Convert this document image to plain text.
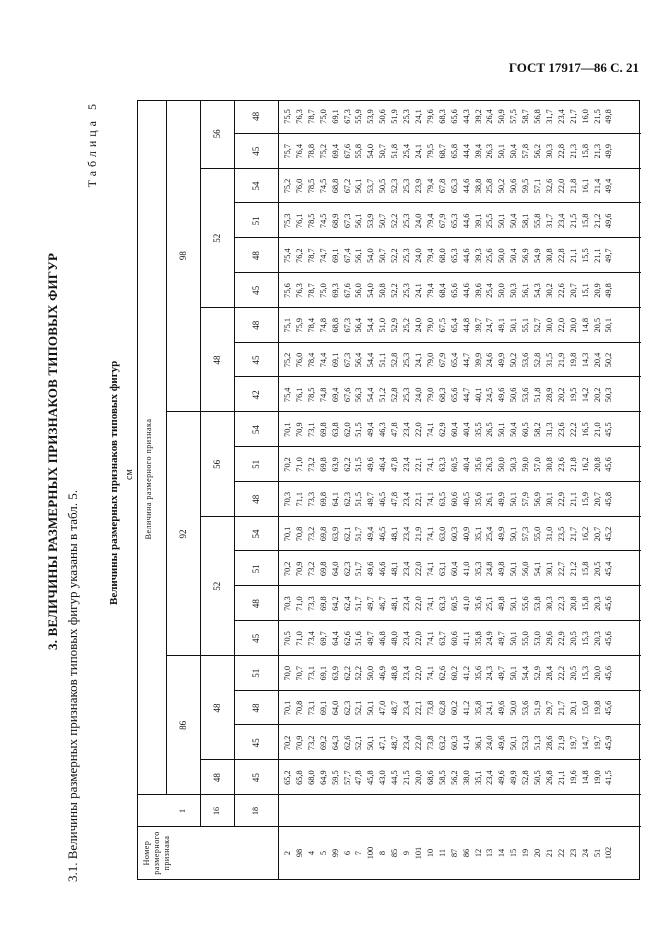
ГОСТ 17917—86 С. 21
3. ВЕЛИЧИНЫ РАЗМЕРНЫХ ПРИЗНАКОВ ТИПОВЫХ ФИГУР
3.1. Величины размерных признаков типовых фигур указаны в табл. 5.
Таблица 5
Величины размерных признаков типовых фигур см
Номер размерного признака
Величина размерного признака
1	16	18
86
92
98
48
48
52
56
48
52
56
45
45
48
51
45
48
51
54
48
51
54
42
45
48
45
48
51
54
45
48
2 98 4 5 99 6 7 100 8 85 9 101 10 11 87 86 12 13 14 15 19 20 21 22 23 24 51 102
65,2 65,8 68,0 64,9 59,5 57,7 47,8 45,8 43,0 44,5 21,5 20,0 68,6 58,5 56,2 38,0 35,1 23,4 49,6 49,9 52,8 50,5 26,8 21,1 19,6 14,8 19,0 41,5
70,2 70,9 73,2 69,2 64,3 62,6 52,1 50,1 47,1 48,7 23,4 22,0 73,8 63,2 60,3 41,4 36,1 24,0 49,6 50,1 53,3 51,3 28,6 21,9 19,7 14,7 19,7 45,9
70,1 70,8 73,1 69,1 64,0 62,3 52,1 50,1 47,0 48,7 23,4 22,1 73,8 62,8 60,2 41,2 35,8 24,1 49,6 50,0 53,6 51,9 29,7 21,7 20,1 15,0 19,8 45,6
70,0 70,7 73,1 69,1 63,9 62,2 52,2 50,0 46,9 48,8 23,4 22,0 74,1 62,6 60,2 41,2 35,6 24,3 49,7 50,1 54,4 52,9 28,4 22,2 20,5 15,3 20,0 45,6
70,5 71,0 73,4 69,7 64,4 62,6 51,6 49,7 46,8 48,0 23,4 22,0 74,1 63,7 60,6 41,1 35,8 24,9 49,7 50,1 55,0 53,0 29,6 22,9 20,5 15,3 20,3 45,6
70,3 71,0 73,3 69,8 64,2 62,4 51,7 49,7 46,7 48,1 23,4 22,0 74,1 63,3 60,5 41,0 35,6 25,1 49,8 50,1 55,6 53,8 30,3 22,3 20,8 15,8 20,3 45,6
70,2 70,9 73,2 69,8 64,0 62,3 51,7 49,6 46,6 48,1 23,4 22,0 74,1 63,1 60,4 41,0 35,3 24,8 49,8 50,1 56,0 54,1 30,1 22,7 21,2 15,8 20,5 45,4
70,1 70,8 73,2 69,8 63,9 62,1 51,7 49,4 46,5 48,1 23,4 21,9 74,1 63,0 60,3 40,9 35,1 25,4 49,9 50,1 57,3 55,0 31,0 23,5 21,7 16,2 20,7 45,2
70,3 71,1 73,3 69,8 64,1 62,3 51,5 49,7 46,5 47,8 23,4 22,1 74,1 63,5 60,6 40,5 35,6 26,1 49,9 50,1 57,9 56,9 30,1 22,9 21,1 15,9 20,7 45,8
70,2 71,0 73,2 69,8 63,9 62,2 51,5 49,6 46,4 47,8 23,4 22,1 74,1 63,3 60,5 40,4 35,6 26,3 50,0 50,3 59,0 57,0 30,8 23,6 21,8 16,2 20,8 45,6
70,1 70,9 73,1 69,8 63,8 62,0 51,5 49,4 46,3 47,8 23,4 22,0 74,1 62,9 60,4 40,4 35,5 26,5 50,1 50,4 60,5 58,2 31,3 23,6 22,2 16,5 21,0 45,5
75,4 76,1 78,5 74,8 69,4 67,6 56,3 54,4 51,2 52,8 25,3 24,0 79,0 68,3 65,6 44,7 40,1 24,5 49,6 50,6 53,6 51,8 28,9 20,2 19,5 14,2 20,2 50,3
75,2 76,0 78,4 74,4 69,1 67,3 56,4 54,4 51,1 52,8 25,3 24,1 79,0 67,9 65,4 44,7 39,9 24,6 49,9 50,2 53,6 52,8 31,5 21,9 19,8 14,3 20,4 50,2
75,1 75,9 78,4 74,8 68,8 67,3 56,4 54,4 51,0 52,9 25,2 24,0 79,0 67,5 65,4 44,8 39,7 24,7 49,1 50,1 55,1 52,7 30,0 22,0 20,0 14,8 20,5 50,1
75,6 76,3 78,7 75,0 69,3 67,6 56,0 54,0 50,8 52,2 25,3 24,1 79,4 68,4 65,6 44,6 39,6 25,4 50,0 50,3 56,1 54,3 30,2 22,6 20,7 15,1 20,9 49,8
75,4 76,2 78,7 74,7 69,1 67,4 56,1 54,0 50,7 52,2 25,3 24,0 79,4 68,0 65,3 44,6 39,3 25,6 50,0 50,4 56,9 54,9 30,8 22,8 21,1 15,5 21,1 49,7
75,3 76,1 78,5 74,5 68,9 67,3 56,1 53,9 50,7 52,2 25,3 24,0 79,4 67,9 65,3 44,6 39,1 25,5 50,1 50,4 58,1 55,8 31,7 23,4 21,5 15,8 21,2 49,6
75,2 76,0 78,5 74,5 68,8 67,2 56,1 53,7 50,5 52,3 25,3 23,9 79,4 67,8 65,3 44,6 38,8 25,8 50,2 50,6 59,5 57,1 32,6 22,0 21,8 16,1 21,4 49,4
75,7 76,4 78,8 75,2 69,4 67,6 55,8 54,0 50,7 51,8 25,4 24,1 79,5 68,7 65,8 44,4 39,4 26,3 50,1 50,4 57,8 56,2 30,3 22,8 21,3 15,8 21,3 49,9
75,5 76,3 78,7 75,0 69,1 67,3 55,9 53,9 50,6 51,9 25,3 24,1 79,6 68,3 65,6 44,3 39,2 26,4 50,9 57,5 58,7 56,8 31,7 23,4 21,7 16,0 21,5 49,8
